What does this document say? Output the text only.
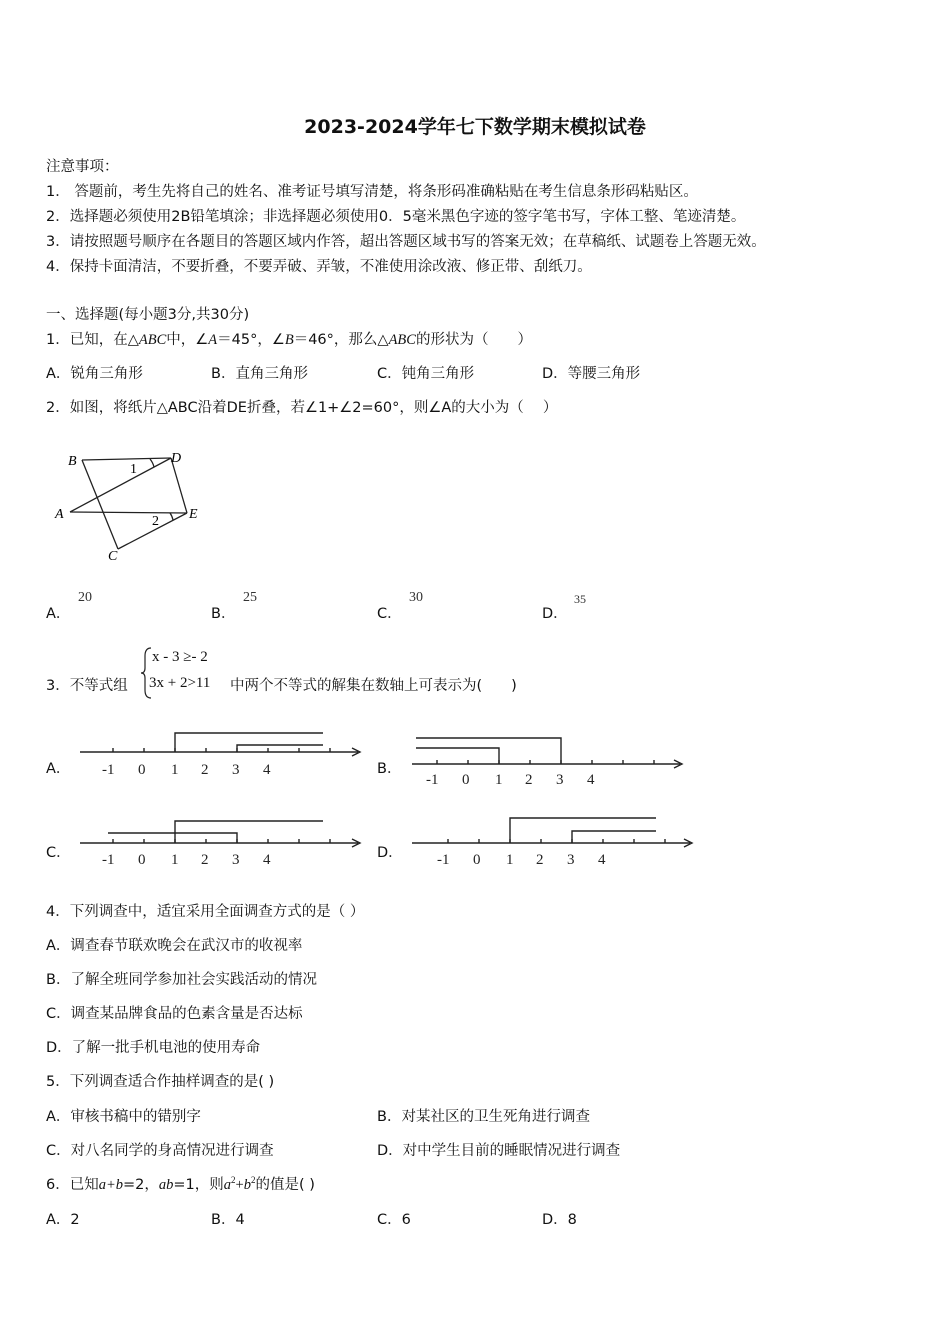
2023-2024学年七下数学期末模拟试卷
注意事项：
1． 答题前，考生先将自己的姓名、准考证号填写清楚，将条形码准确粘贴在考生信息条形码粘贴区。
2．选择题必须使用2B铅笔填涂；非选择题必须使用0．5毫米黑色字迹的签字笔书写，字体工整、笔迹清楚。
3．请按照题号顺序在各题目的答题区域内作答，超出答题区域书写的答案无效；在草稿纸、试题卷上答题无效。
4．保持卡面清洁，不要折叠，不要弄破、弄皱，不准使用涂改液、修正带、刮纸刀。
一、选择题(每小题3分,共30分)
1．已知，在△ABC中，∠A＝45°，∠B＝46°，那么△ABC的形状为（　　）
A．锐角三角形	B．直角三角形	C．钝角三角形	D．等腰三角形
2．如图，将纸片△ABC沿着DE折叠，若∠1+∠2=60°，则∠A的大小为（　 ）
B	D
A	E
C
1
2
A．
20
B．
25
C．
30
D．
35
3．不等式组
x - 3 ≥- 2
3x + 2>11 中两个不等式的解集在数轴上可表示为(　　)
A．	B．
C．	D．
-1 0 1 2 3 4
-1 0 1 2 3 4
-1 0 1 2 3 4	-1 0 1 2 3 4
4．下列调查中，适宜采用全面调查方式的是（ ）
A．调查春节联欢晚会在武汉市的收视率
B．了解全班同学参加社会实践活动的情况
C．调查某品牌食品的色素含量是否达标
D．了解一批手机电池的使用寿命
5．下列调查适合作抽样调查的是( )
A．审核书稿中的错别字	B．对某社区的卫生死角进行调查
C．对八名同学的身高情况进行调查	D．对中学生目前的睡眠情况进行调查
6．已知a+b=2，ab=1，则$a^2+b^2$的值是( )
A．2	B．4	C．6	D．8
